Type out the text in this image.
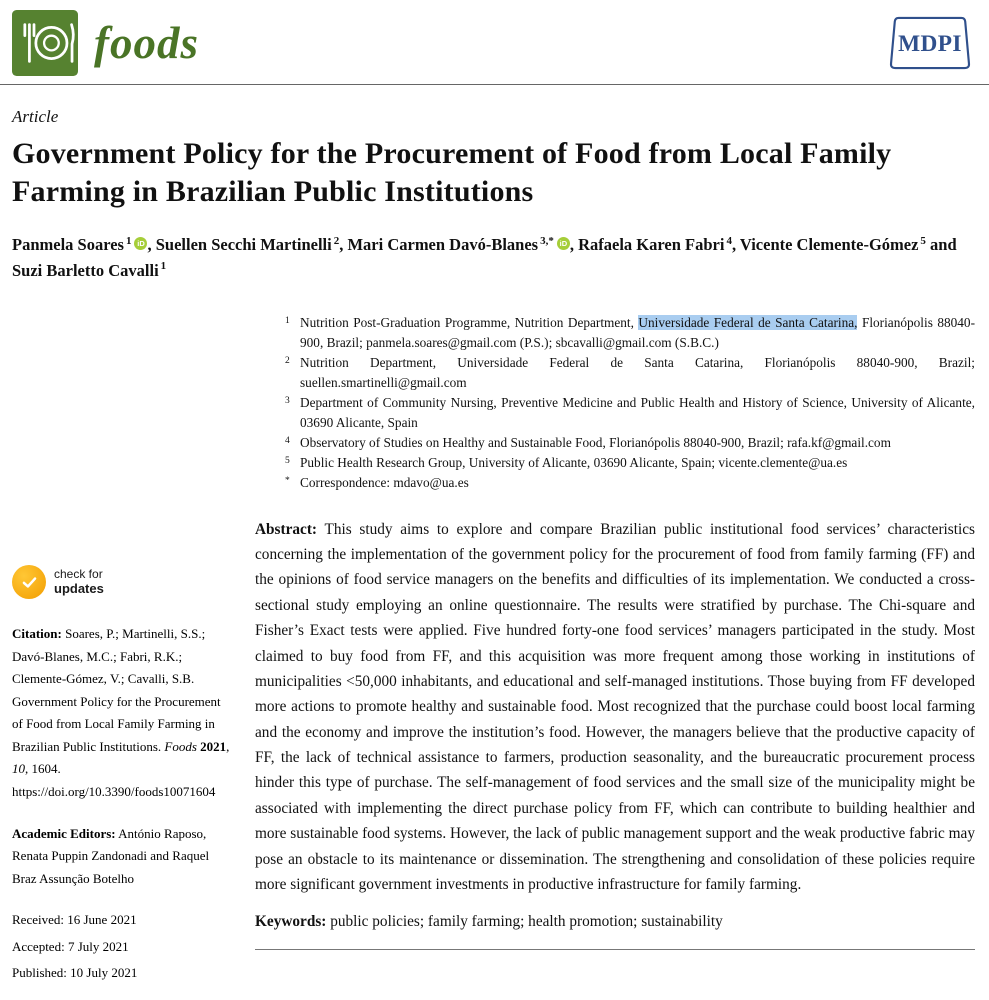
foods	MDPI
Article
Government Policy for the Procurement of Food from Local Family Farming in Brazilian Public Institutions
Panmela Soares $^1$ iD , Suellen Secchi Martinelli $^2$, Mari Carmen Davó-Blanes $^{3,*}$ iD , Rafaela Karen Fabri $^4$, Vicente Clemente-Gómez $^5$ and Suzi Barletto Cavalli $^1$
check for
updates
Citation: Soares, P.; Martinelli, S.S.; Davó-Blanes, M.C.; Fabri, R.K.; Clemente-Gómez, V.; Cavalli, S.B. Government Policy for the Procurement of Food from Local Family Farming in Brazilian Public Institutions. Foods 2021, 10, 1604. https://doi.org/10.3390/foods10071604
Academic Editors: António Raposo, Renata Puppin Zandonadi and Raquel Braz Assunção Botelho
Received: 16 June 2021
Accepted: 7 July 2021
Published: 10 July 2021
1 Nutrition Post-Graduation Programme, Nutrition Department, Universidade Federal de Santa Catarina, Florianópolis 88040-900, Brazil; panmela.soares@gmail.com (P.S.); sbcavalli@gmail.com (S.B.C.)
2 Nutrition Department, Universidade Federal de Santa Catarina, Florianópolis 88040-900, Brazil; suellen.smartinelli@gmail.com
3 Department of Community Nursing, Preventive Medicine and Public Health and History of Science, University of Alicante, 03690 Alicante, Spain
4 Observatory of Studies on Healthy and Sustainable Food, Florianópolis 88040-900, Brazil; rafa.kf@gmail.com
5 Public Health Research Group, University of Alicante, 03690 Alicante, Spain; vicente.clemente@ua.es
* Correspondence: mdavo@ua.es
Abstract: This study aims to explore and compare Brazilian public institutional food services’ characteristics concerning the implementation of the government policy for the procurement of food from family farming (FF) and the opinions of food service managers on the benefits and difficulties of its implementation. We conducted a cross-sectional study employing an online questionnaire. The results were stratified by purchase. The Chi-square and Fisher’s Exact tests were applied. Five hundred forty-one food services’ managers participated in the study. Most claimed to buy food from FF, and this acquisition was more frequent among those working in institutions of municipalities <50,000 inhabitants, and educational and self-managed institutions. Those buying from FF developed more actions to promote healthy and sustainable food. Most recognized that the purchase could boost local farming and the economy and improve the institution’s food. However, the managers believe that the productive capacity of FF, the lack of technical assistance to farmers, production seasonality, and the bureaucratic procurement process hinder this type of purchase. The self-management of food services and the small size of the municipality might be associated with implementing the direct purchase policy from FF, which can contribute to building healthier and more sustainable food systems. However, the lack of public management support and the weak productive fabric may pose an obstacle to its maintenance or dissemination. The strengthening and consolidation of these policies require more significant government investments in productive infrastructure for family farming.
Keywords: public policies; family farming; health promotion; sustainability
